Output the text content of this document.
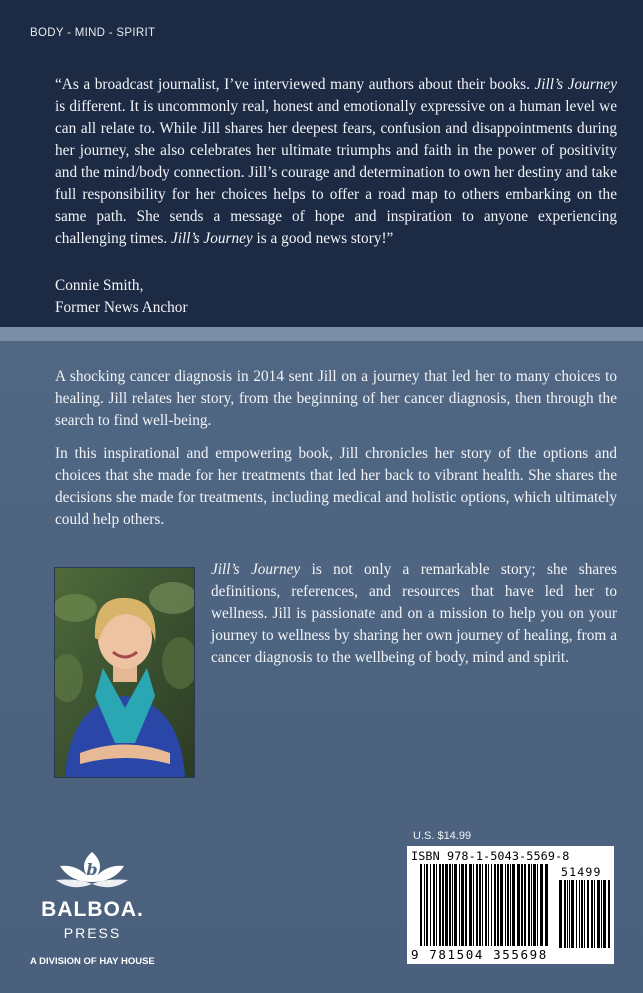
BODY - MIND - SPIRIT
“As a broadcast journalist, I’ve interviewed many authors about their books. Jill’s Journey is different. It is uncommonly real, honest and emotionally expressive on a human level we can all relate to. While Jill shares her deepest fears, confusion and disappointments during her journey, she also celebrates her ultimate triumphs and faith in the power of positivity and the mind/body connection. Jill’s courage and determination to own her destiny and take full responsibility for her choices helps to offer a road map to others embarking on the same path. She sends a message of hope and inspiration to anyone experiencing challenging times. Jill’s Journey is a good news story!”
Connie Smith,
Former News Anchor
A shocking cancer diagnosis in 2014 sent Jill on a journey that led her to many choices to healing. Jill relates her story, from the beginning of her cancer diagnosis, then through the search to find well-being.
In this inspirational and empowering book, Jill chronicles her story of the options and choices that she made for her treatments that led her back to vibrant health. She shares the decisions she made for treatments, including medical and holistic options, which ultimately could help others.
Jill’s Journey is not only a remarkable story; she shares definitions, references, and resources that have led her to wellness. Jill is passionate and on a mission to help you on your journey to wellness by sharing her own journey of healing, from a cancer diagnosis to the wellbeing of body, mind and spirit.
U.S. $14.99
ISBN 978-1-5043-5569-8
51499
9 781504 355698
b
BALBOA.
PRESS
A DIVISION OF HAY HOUSE
